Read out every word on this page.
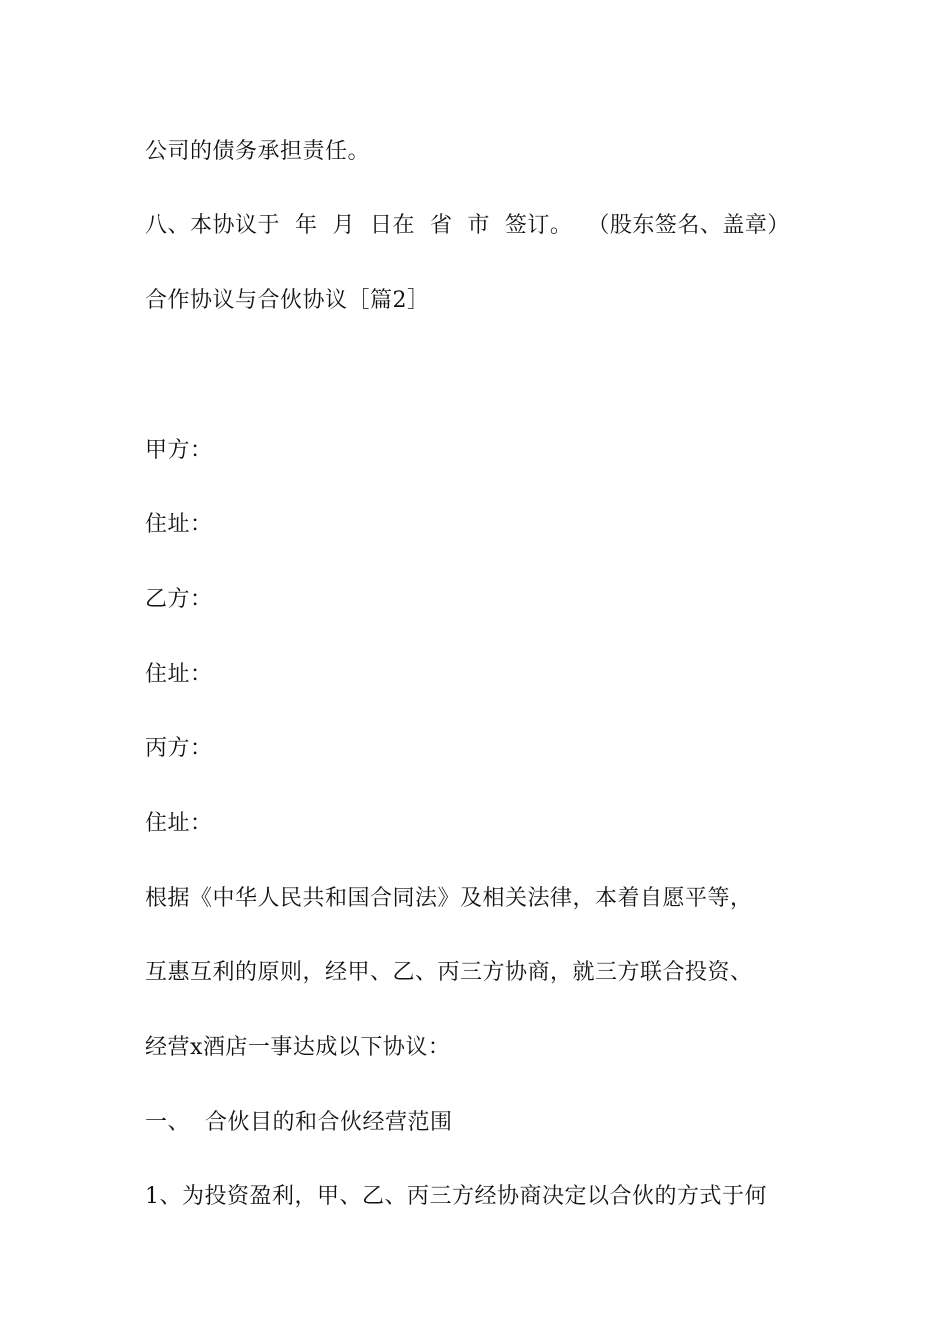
公司的债务承担责任。
八、本协议于  年  月  日在  省  市  签订。  （股东签名、盖章）
合作协议与合伙协议［篇2］
甲方：
住址：
乙方：
住址：
丙方：
住址：
根据《中华人民共和国合同法》及相关法律，本着自愿平等，
互惠互利的原则，经甲、乙、丙三方协商，就三方联合投资、
经营x酒店一事达成以下协议：
一、  合伙目的和合伙经营范围
1、为投资盈利，甲、乙、丙三方经协商决定以合伙的方式于何
